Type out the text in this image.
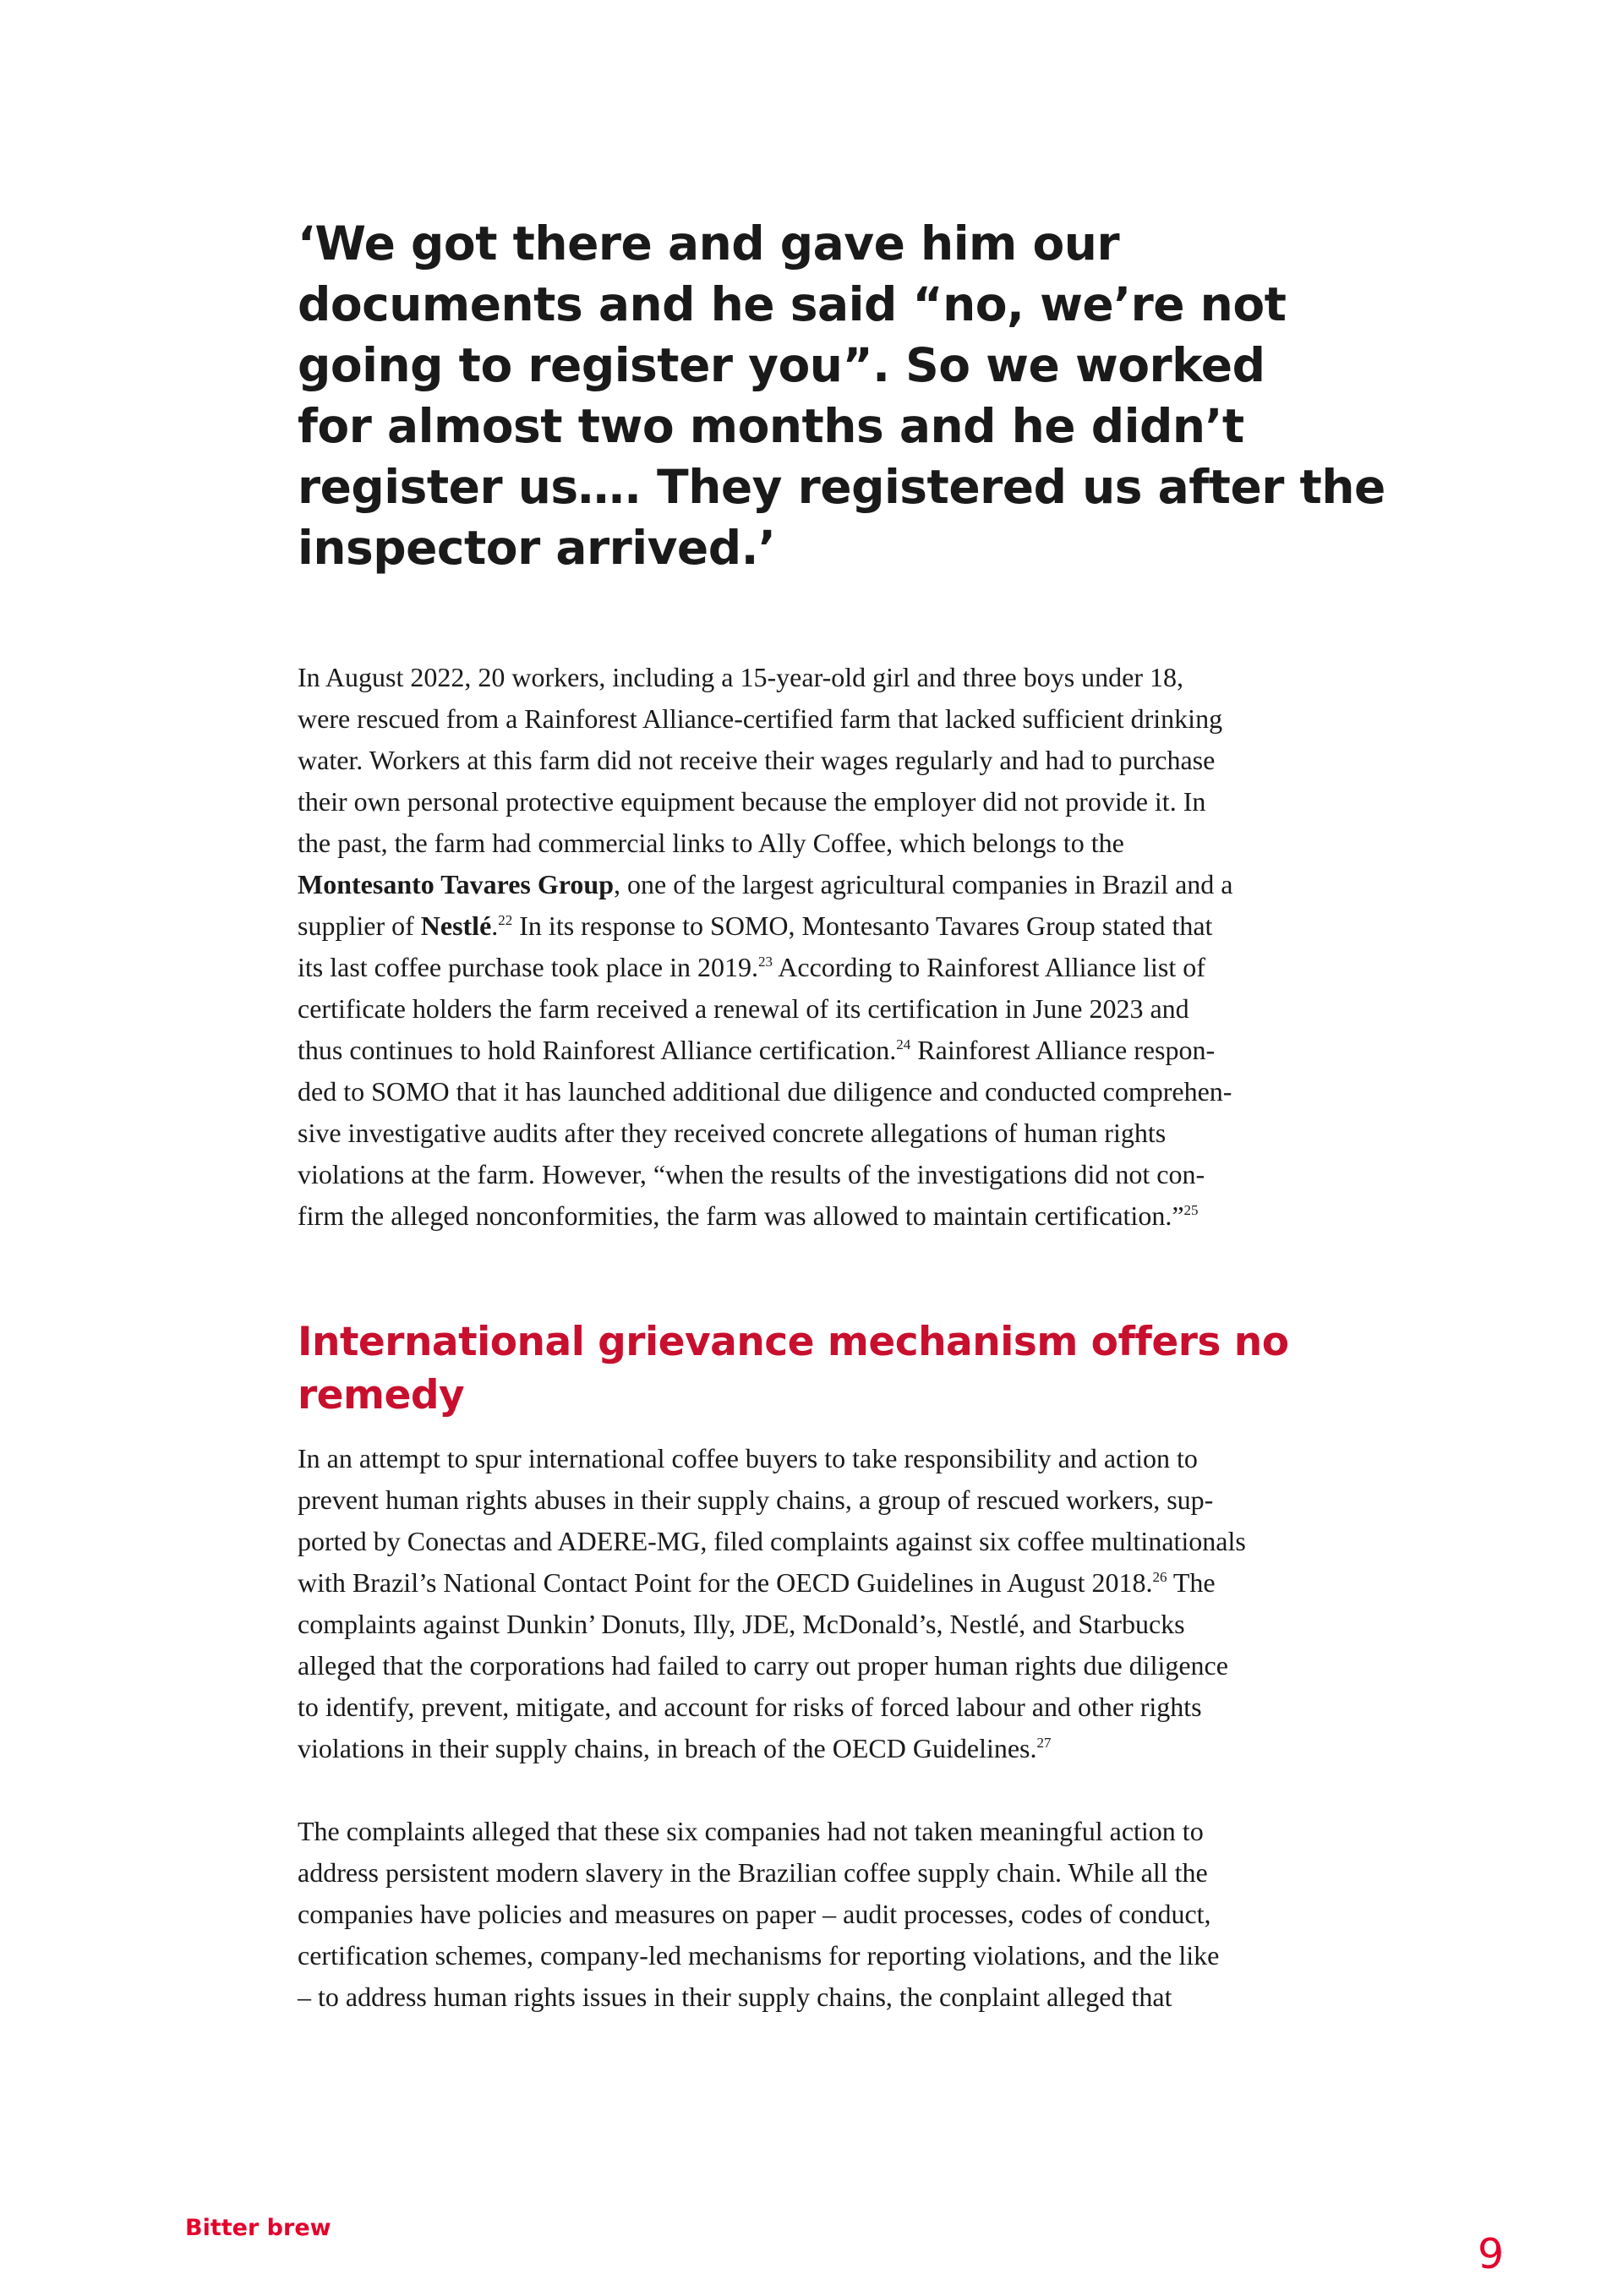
‘We got there and gave him our
documents and he said “no, we’re not
going to register you”. So we worked
for almost two months and he didn’t
register us…. They registered us after the
inspector arrived.’

In August 2022, 20 workers, including a 15-year-old girl and three boys under 18,
were rescued from a Rainforest Alliance-certified farm that lacked sufficient drinking
water. Workers at this farm did not receive their wages regularly and had to purchase
their own personal protective equipment because the employer did not provide it. In
the past, the farm had commercial links to Ally Coffee, which belongs to the
Montesanto Tavares Group, one of the largest agricultural companies in Brazil and a
supplier of Nestlé.$^{22}$ In its response to SOMO, Montesanto Tavares Group stated that
its last coffee purchase took place in 2019.23 According to Rainforest Alliance list of
certificate holders the farm received a renewal of its certification in June 2023 and
thus continues to hold Rainforest Alliance certification.$^{24}$ Rainforest Alliance respon-
ded to SOMO that it has launched additional due diligence and conducted comprehen-
sive investigative audits after they received concrete allegations of human rights
violations at the farm. However, “when the results of the investigations did not con-
firm the alleged nonconformities, the farm was allowed to maintain certification.”$^{25}$

International grievance mechanism offers no
remedy

In an attempt to spur international coffee buyers to take responsibility and action to
prevent human rights abuses in their supply chains, a group of rescued workers, sup-
ported by Conectas and ADERE-MG, filed complaints against six coffee multinationals
with Brazil’s National Contact Point for the OECD Guidelines in August 2018.26 The
complaints against Dunkin’ Donuts, Illy, JDE, McDonald’s, Nestlé, and Starbucks
alleged that the corporations had failed to carry out proper human rights due diligence
to identify, prevent, mitigate, and account for risks of forced labour and other rights
violations in their supply chains, in breach of the OECD Guidelines.$^{27}$

The complaints alleged that these six companies had not taken meaningful action to
address persistent modern slavery in the Brazilian coffee supply chain. While all the
companies have policies and measures on paper – audit processes, codes of conduct,
certification schemes, company-led mechanisms for reporting violations, and the like
– to address human rights issues in their supply chains, the conplaint alleged that

Bitter brew
9
